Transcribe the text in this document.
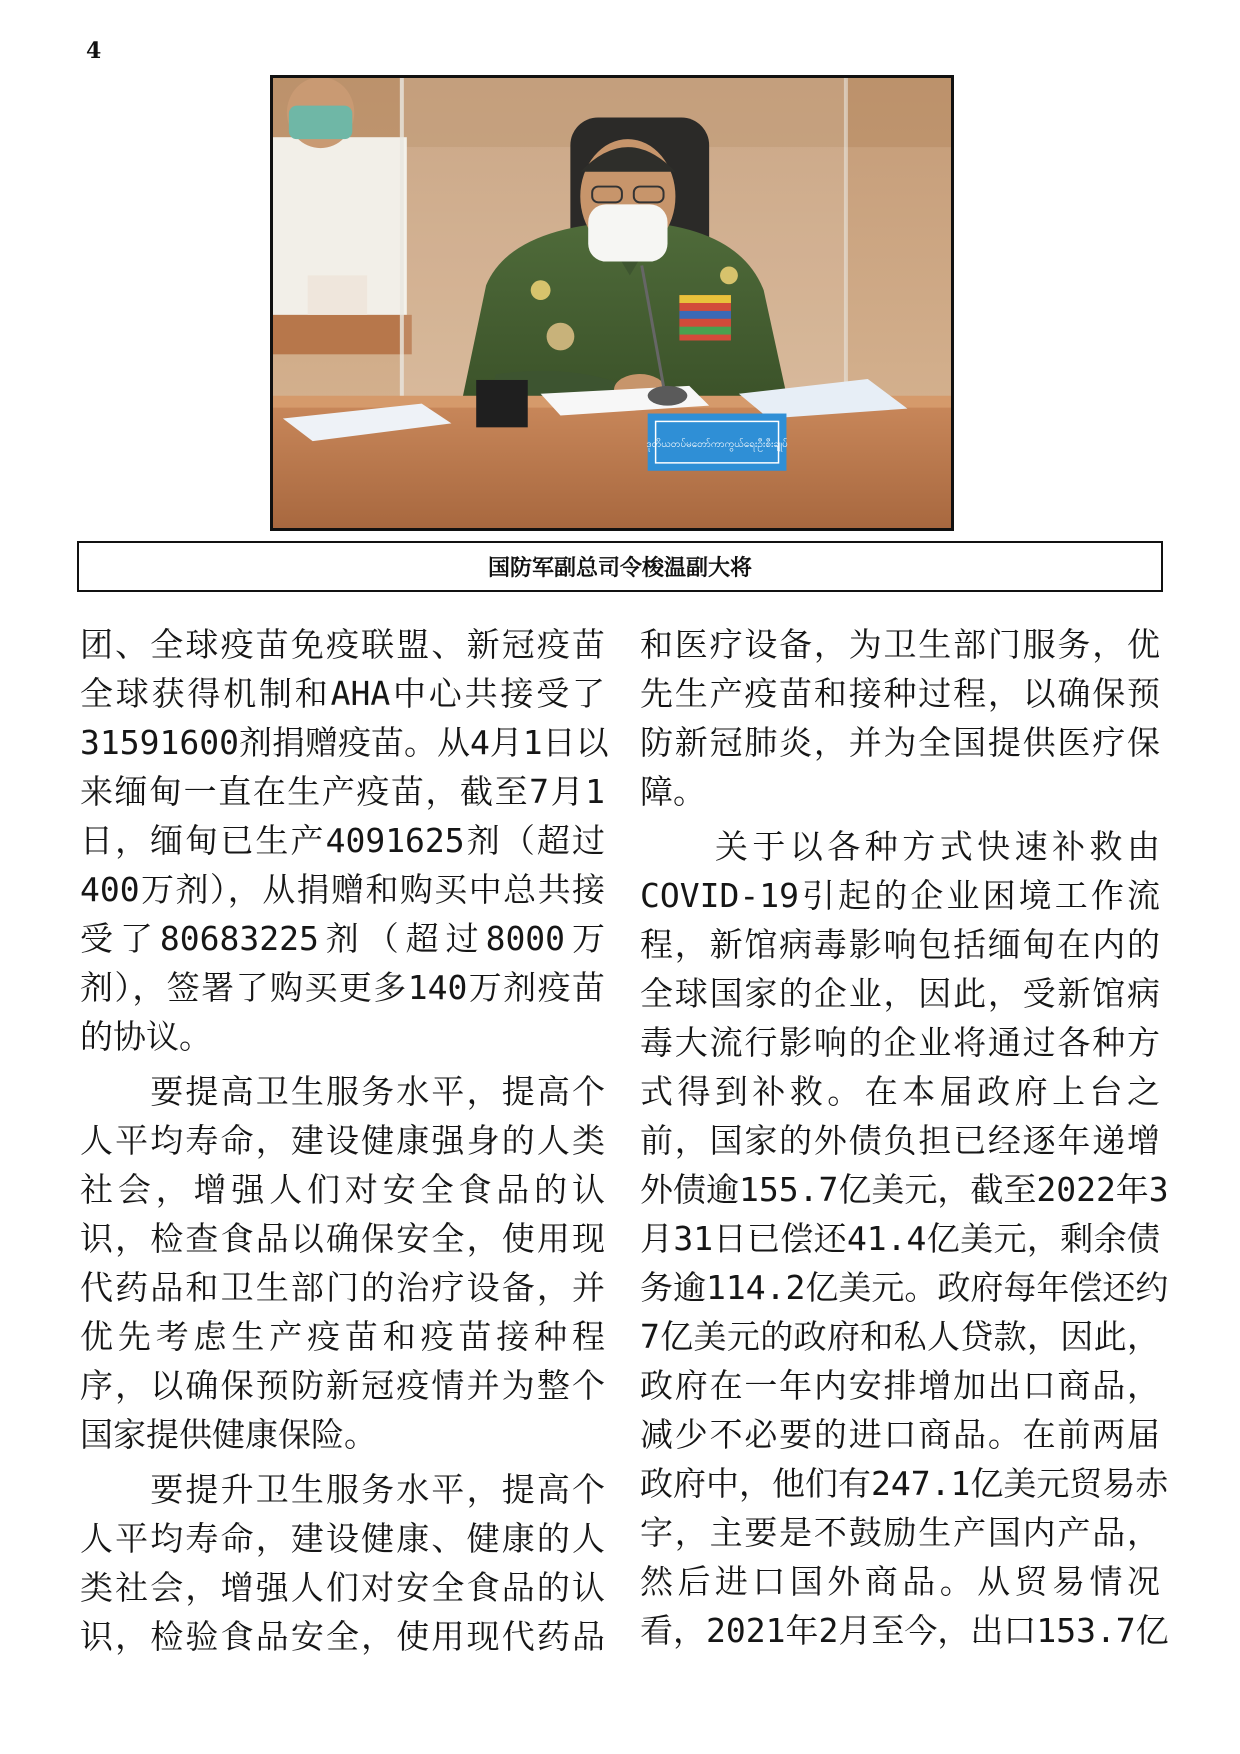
4
ဒုတိယတပ်မတော်ကာကွယ်ရေးဦးစီးချုပ်
国防军副总司令梭温副大将

团、全球疫苗免疫联盟、新冠疫苗
全球获得机制和AHA中心共接受了
31591600剂捐赠疫苗。从4月1日以
来缅甸一直在生产疫苗，截至7月1
日，缅甸已生产4091625剂（超过
400万剂），从捐赠和购买中总共接
受了80683225剂（超过8000万
剂），签署了购买更多140万剂疫苗
的协议。

　　要提高卫生服务水平，提高个
人平均寿命，建设健康强身的人类
社会，增强人们对安全食品的认
识，检查食品以确保安全，使用现
代药品和卫生部门的治疗设备，并
优先考虑生产疫苗和疫苗接种程
序，以确保预防新冠疫情并为整个
国家提供健康保险。

　　要提升卫生服务水平，提高个
人平均寿命，建设健康、健康的人
类社会，增强人们对安全食品的认
识，检验食品安全，使用现代药品

和医疗设备，为卫生部门服务，优
先生产疫苗和接种过程，以确保预
防新冠肺炎，并为全国提供医疗保
障。

　　关于以各种方式快速补救由
COVID-19引起的企业困境工作流
程，新馆病毒影响包括缅甸在内的
全球国家的企业，因此，受新馆病
毒大流行影响的企业将通过各种方
式得到补救。在本届政府上台之
前，国家的外债负担已经逐年递增
外债逾155.7亿美元，截至2022年3
月31日已偿还41.4亿美元，剩余债
务逾114.2亿美元。政府每年偿还约
7亿美元的政府和私人贷款，因此，
政府在一年内安排增加出口商品，
减少不必要的进口商品。在前两届
政府中，他们有247.1亿美元贸易赤
字，主要是不鼓励生产国内产品，
然后进口国外商品。从贸易情况
看，2021年2月至今，出口153.7亿
